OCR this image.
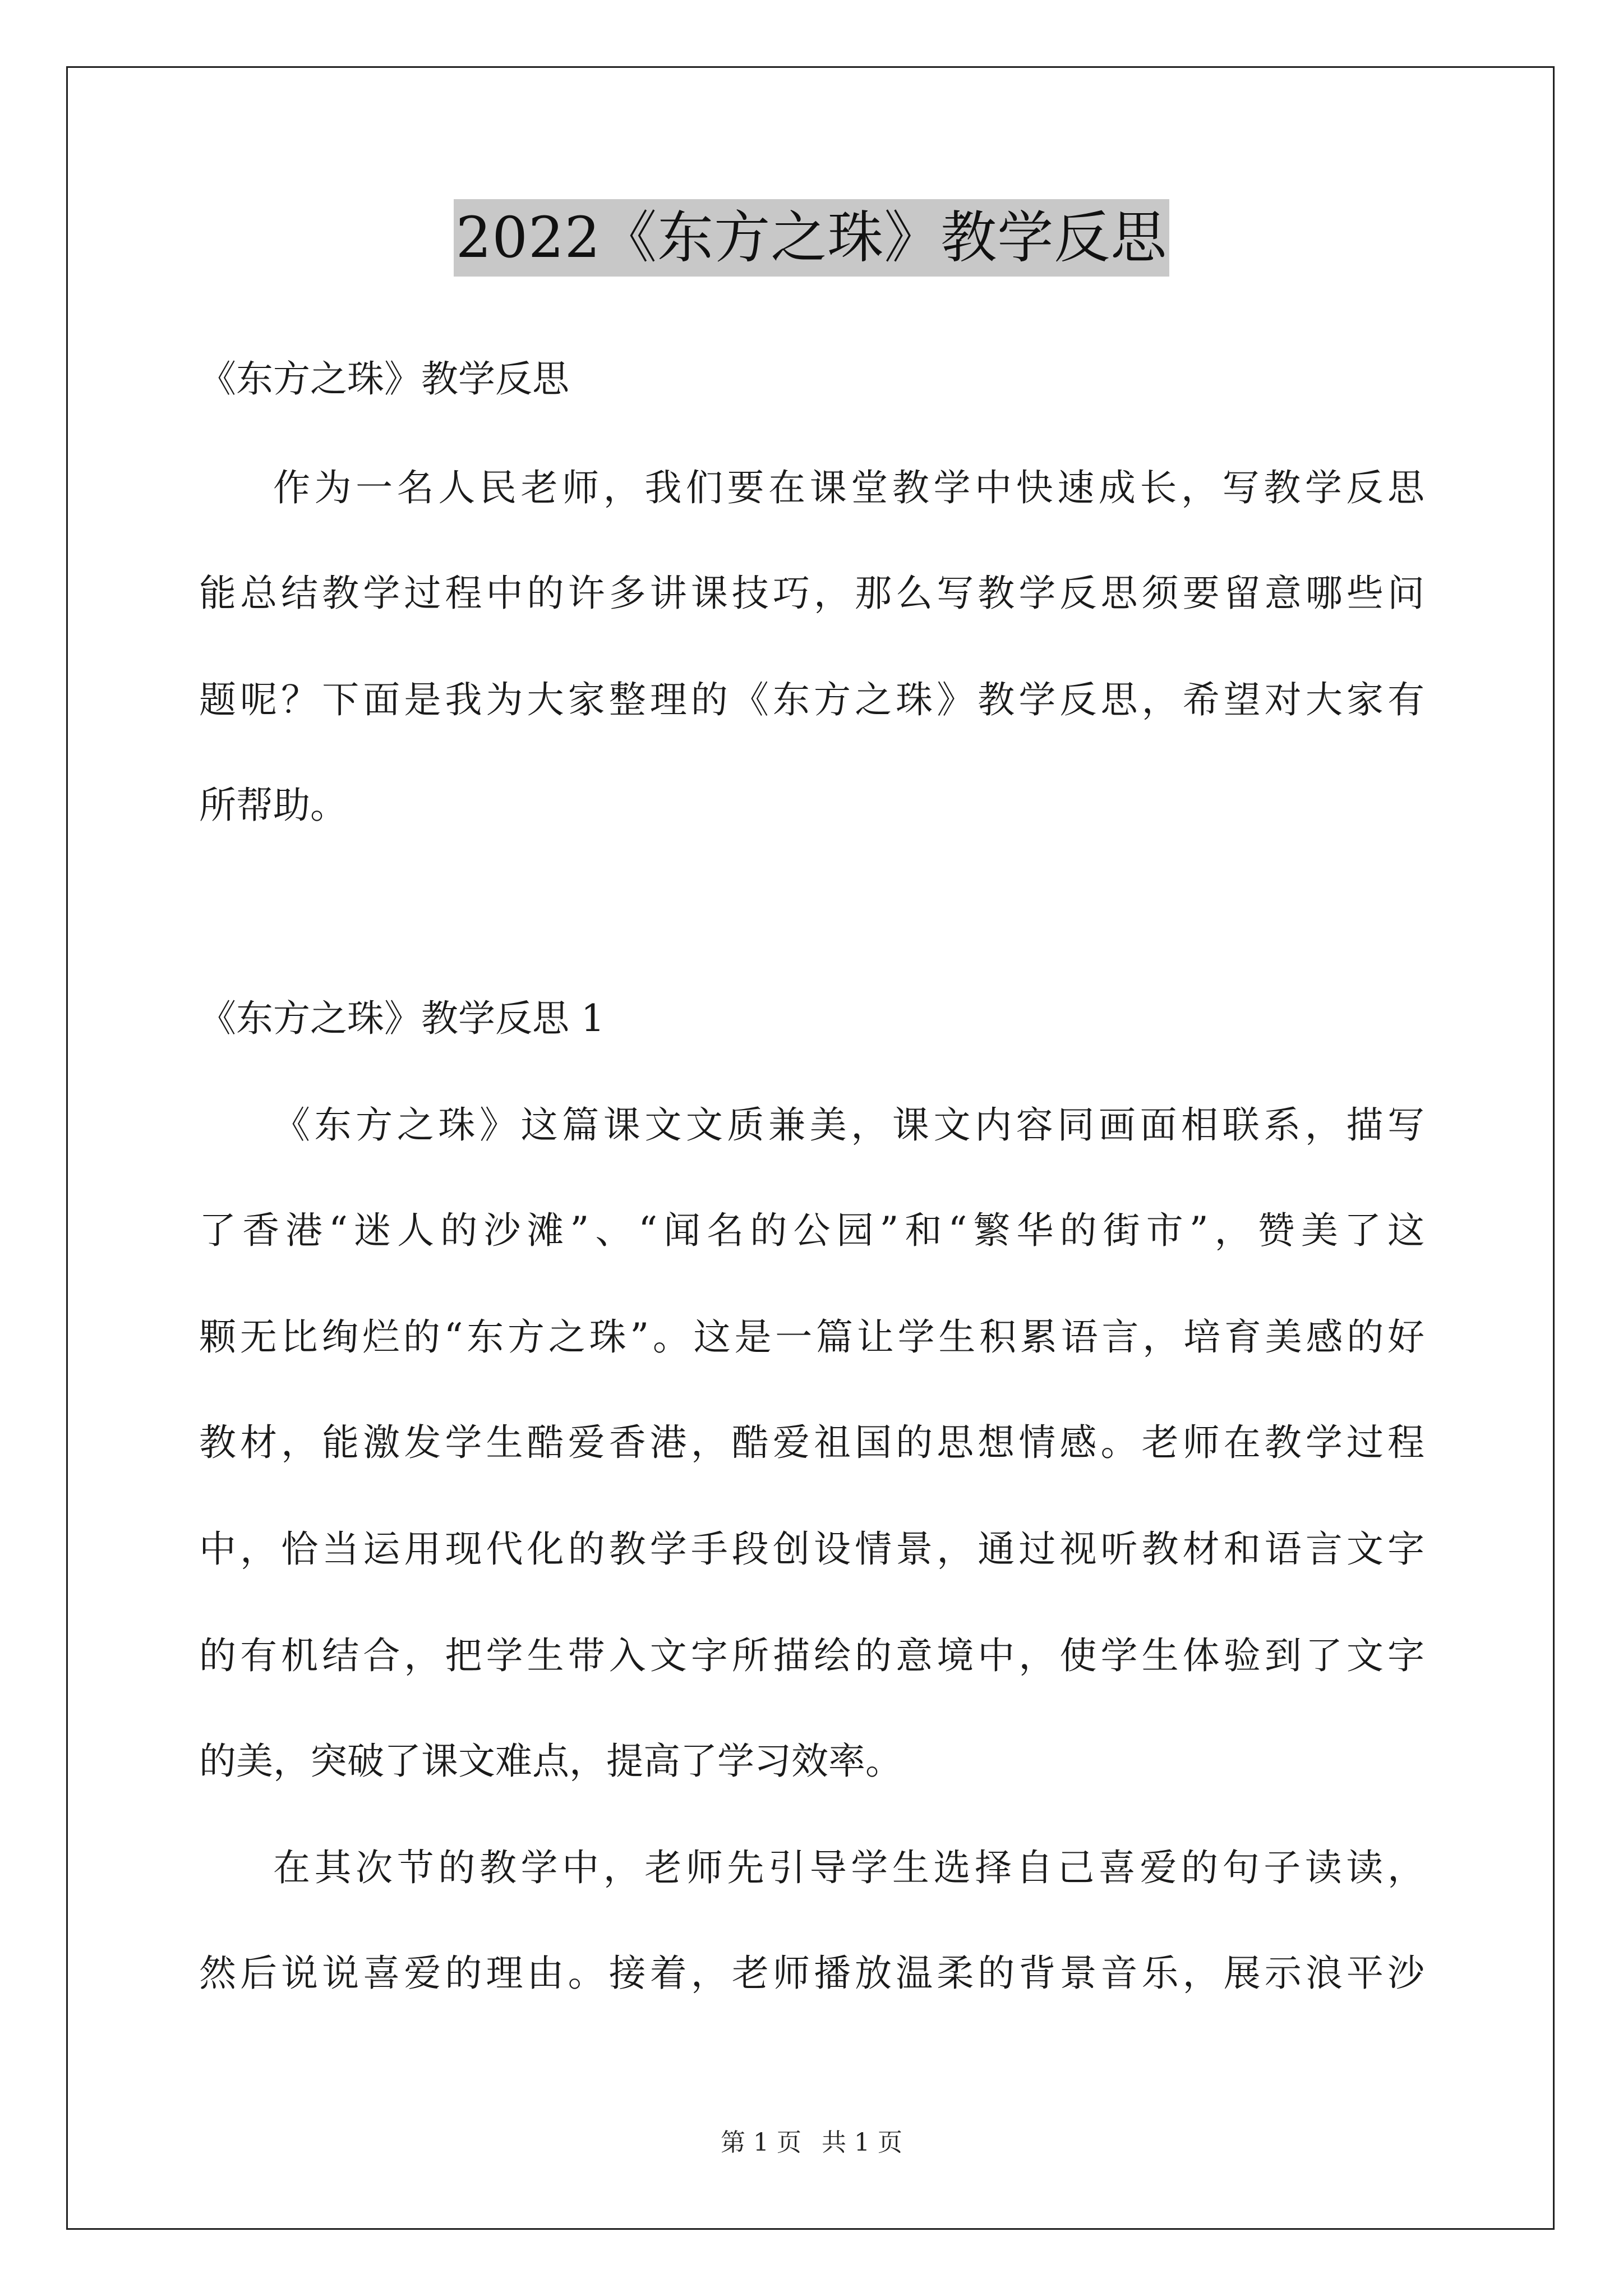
2022《东方之珠》教学反思
《东方之珠》教学反思
作为一名人民老师，我们要在课堂教学中快速成长，写教学反思
能总结教学过程中的许多讲课技巧，那么写教学反思须要留意哪些问
题呢？下面是我为大家整理的《东方之珠》教学反思，希望对大家有
所帮助。
《东方之珠》教学反思 1
《东方之珠》这篇课文文质兼美，课文内容同画面相联系，描写
了香港“迷人的沙滩”、“闻名的公园”和“繁华的街市”，赞美了这
颗无比绚烂的“东方之珠”。这是一篇让学生积累语言，培育美感的好
教材，能激发学生酷爱香港，酷爱祖国的思想情感。老师在教学过程
中，恰当运用现代化的教学手段创设情景，通过视听教材和语言文字
的有机结合，把学生带入文字所描绘的意境中，使学生体验到了文字
的美，突破了课文难点，提高了学习效率。
在其次节的教学中，老师先引导学生选择自己喜爱的句子读读，
然后说说喜爱的理由。接着，老师播放温柔的背景音乐，展示浪平沙
第 1 页 共 1 页
